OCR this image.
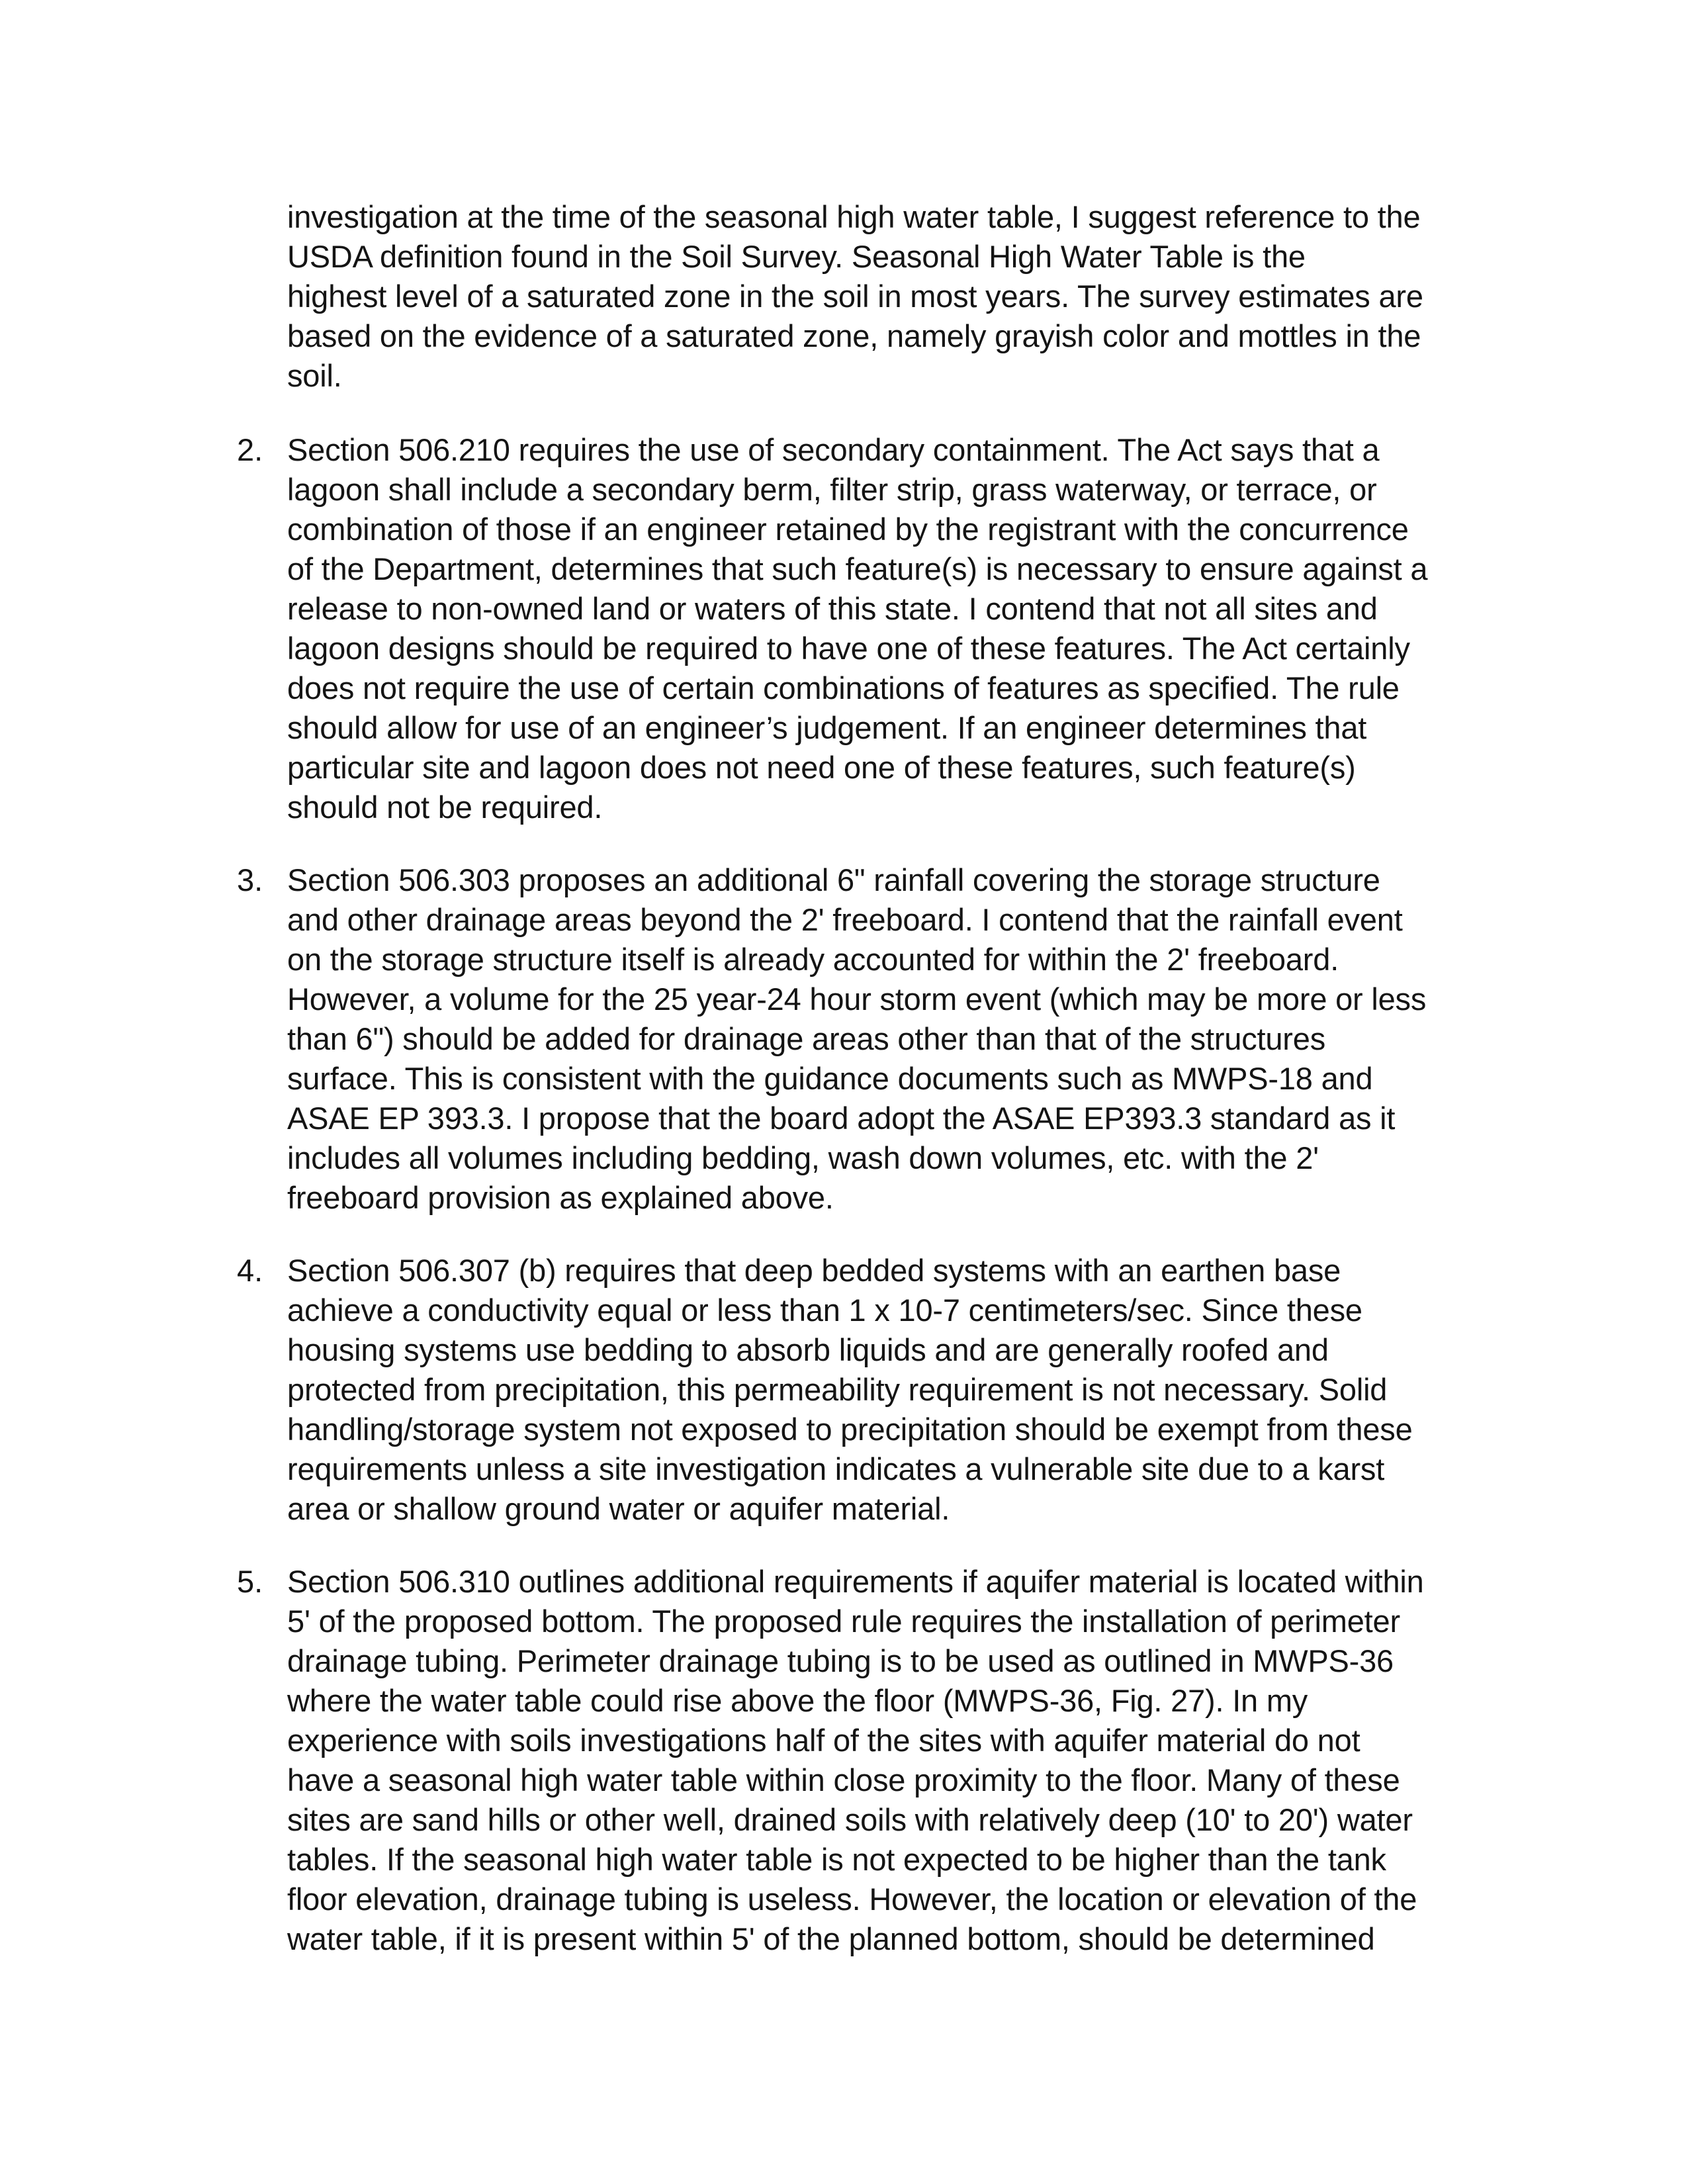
investigation at the time of the seasonal high water table, I suggest reference to the
USDA definition found in the Soil Survey. Seasonal High Water Table is the
highest level of a saturated zone in the soil in most years. The survey estimates are
based on the evidence of a saturated zone, namely grayish color and mottles in the
soil.
2. Section 506.210 requires the use of secondary containment. The Act says that a
lagoon shall include a secondary berm, filter strip, grass waterway, or terrace, or
combination of those if an engineer retained by the registrant with the concurrence
of the Department, determines that such feature(s) is necessary to ensure against a
release to non-owned land or waters of this state. I contend that not all sites and
lagoon designs should be required to have one of these features. The Act certainly
does not require the use of certain combinations of features as specified. The rule
should allow for use of an engineer’s judgement. If an engineer determines that
particular site and lagoon does not need one of these features, such feature(s)
should not be required.
3. Section 506.303 proposes an additional 6" rainfall covering the storage structure
and other drainage areas beyond the 2' freeboard. I contend that the rainfall event
on the storage structure itself is already accounted for within the 2' freeboard.
However, a volume for the 25 year-24 hour storm event (which may be more or less
than 6") should be added for drainage areas other than that of the structures
surface. This is consistent with the guidance documents such as MWPS-18 and
ASAE EP 393.3. I propose that the board adopt the ASAE EP393.3 standard as it
includes all volumes including bedding, wash down volumes, etc. with the 2'
freeboard provision as explained above.
4. Section 506.307 (b) requires that deep bedded systems with an earthen base
achieve a conductivity equal or less than 1 x 10-7 centimeters/sec. Since these
housing systems use bedding to absorb liquids and are generally roofed and
protected from precipitation, this permeability requirement is not necessary. Solid
handling/storage system not exposed to precipitation should be exempt from these
requirements unless a site investigation indicates a vulnerable site due to a karst
area or shallow ground water or aquifer material.
5. Section 506.310 outlines additional requirements if aquifer material is located within
5' of the proposed bottom. The proposed rule requires the installation of perimeter
drainage tubing. Perimeter drainage tubing is to be used as outlined in MWPS-36
where the water table could rise above the floor (MWPS-36, Fig. 27). In my
experience with soils investigations half of the sites with aquifer material do not
have a seasonal high water table within close proximity to the floor. Many of these
sites are sand hills or other well, drained soils with relatively deep (10' to 20') water
tables. If the seasonal high water table is not expected to be higher than the tank
floor elevation, drainage tubing is useless. However, the location or elevation of the
water table, if it is present within 5' of the planned bottom, should be determined
